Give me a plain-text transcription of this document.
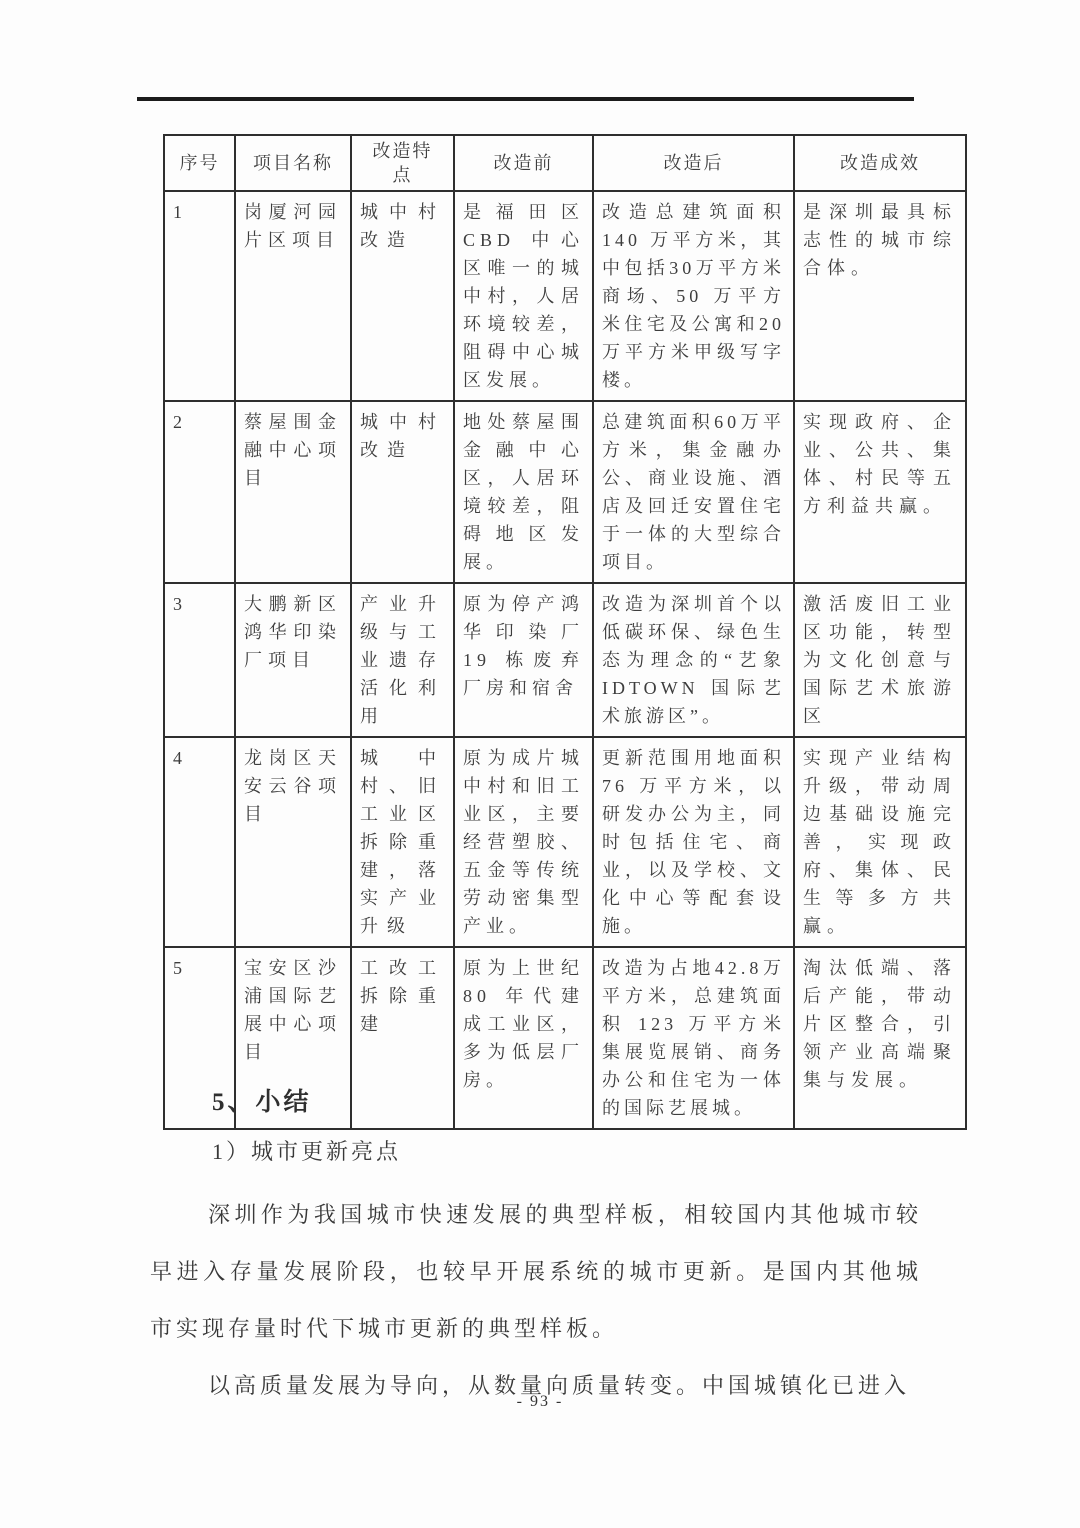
序号	项目名称	改造特点	改造前	改造后	改造成效
1	岗厦河园片区项目	城中村改造	是福田区CBD 中心区唯一的城中村，人居环境较差，阻碍中心城区发展。	改造总建筑面积140 万平方米，其中包括30万平方米商场、50 万平方米住宅及公寓和20万平方米甲级写字楼。	是深圳最具标志性的城市综合体。
2	蔡屋围金融中心项目	城中村改造	地处蔡屋围金融中心区，人居环境较差，阻碍地区发展。	总建筑面积60万平方米，集金融办公、商业设施、酒店及回迁安置住宅于一体的大型综合项目。	实现政府、企业、公共、集体、村民等五方利益共赢。
3	大鹏新区鸿华印染厂项目	产业升级与工业遗存活化利用	原为停产鸿华印染厂 19 栋废弃厂房和宿舍	改造为深圳首个以低碳环保、绿色生态为理念的“艺象IDTOWN 国际艺术旅游区”。	激活废旧工业区功能，转型为文化创意与国际艺术旅游区
4	龙岗区天安云谷项目	城中村、旧工业区拆除重建，落实产业升级	原为成片城中村和旧工业区，主要经营塑胶、五金等传统劳动密集型产业。	更新范围用地面积76 万平方米，以研发办公为主，同时包括住宅、商业，以及学校、文化中心等配套设施。	实现产业结构升级，带动周边基础设施完善，实现政府、集体、民生等多方共赢。
5	宝安区沙浦国际艺展中心项目	工改工拆除重建	原为上世纪80 年代建成工业区，多为低层厂房。	改造为占地42.8万平方米，总建筑面积 123 万平方米集展览展销、商务办公和住宅为一体的国际艺展城。	淘汰低端、落后产能，带动片区整合，引领产业高端聚集与发展。
5、小结
1）城市更新亮点

深圳作为我国城市快速发展的典型样板，相较国内其他城市较早进入存量发展阶段，也较早开展系统的城市更新。是国内其他城市实现存量时代下城市更新的典型样板。

以高质量发展为导向，从数量向质量转变。中国城镇化已进入

- 93 -
